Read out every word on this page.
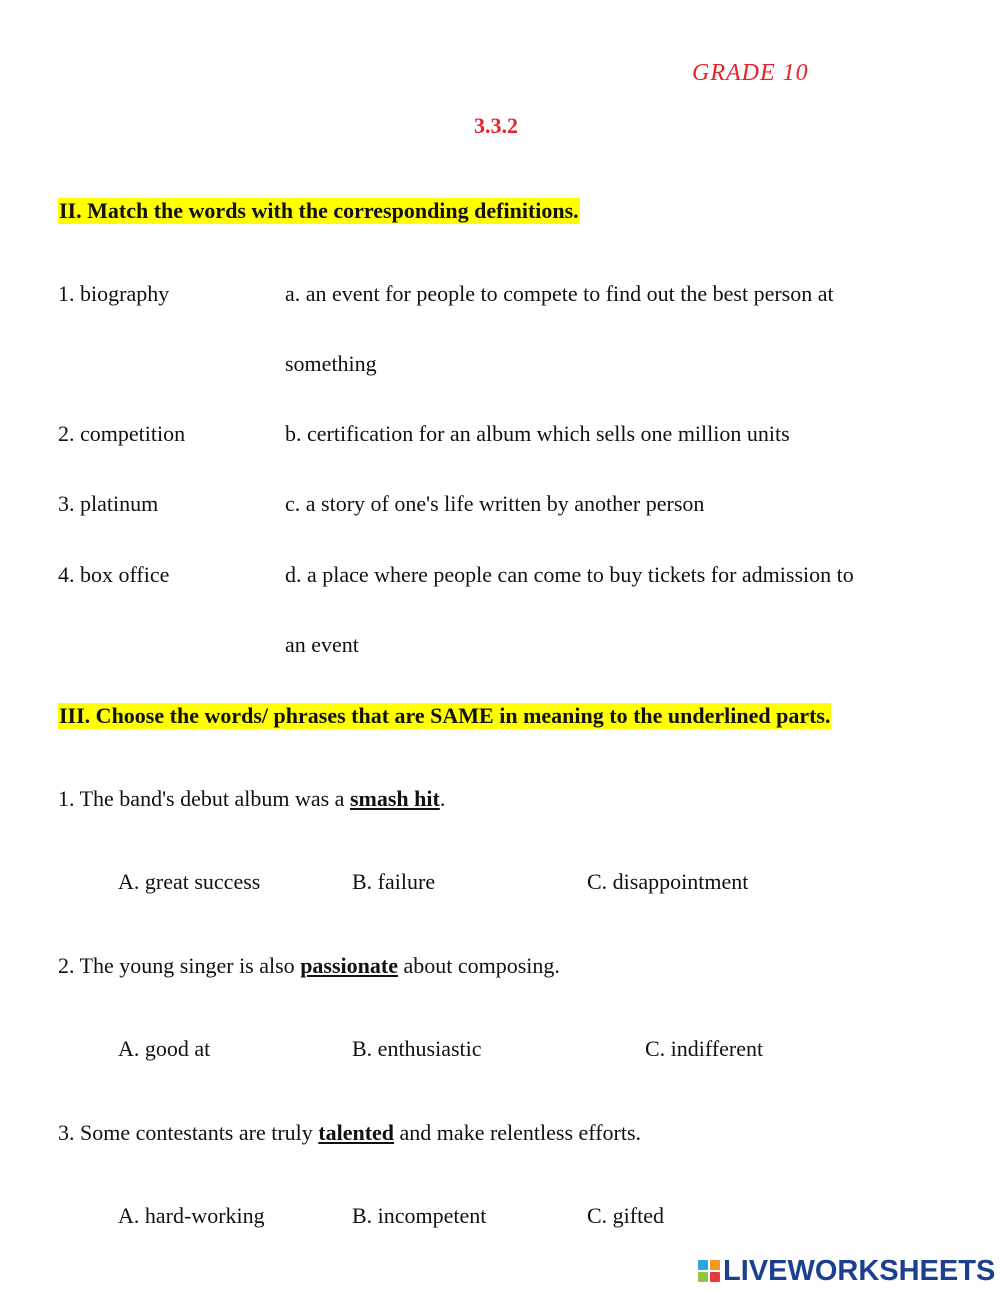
GRADE 10
3.3.2
II. Match the words with the corresponding definitions.
1. biography	a. an event for people to compete to find out the best person at
something
2. competition	b. certification for an album which sells one million units
3. platinum	c. a story of one's life written by another person
4. box office	d. a place where people can come to buy tickets for admission to
an event
III. Choose the words/ phrases that are SAME in meaning to the underlined parts.
1. The band's debut album was a smash hit.
A. great success	B. failure	C. disappointment
2. The young singer is also passionate about composing.
A. good at	B. enthusiastic	C. indifferent
3. Some contestants are truly talented and make relentless efforts.
A. hard-working	B. incompetent	C. gifted
LIVEWORKSHEETS
